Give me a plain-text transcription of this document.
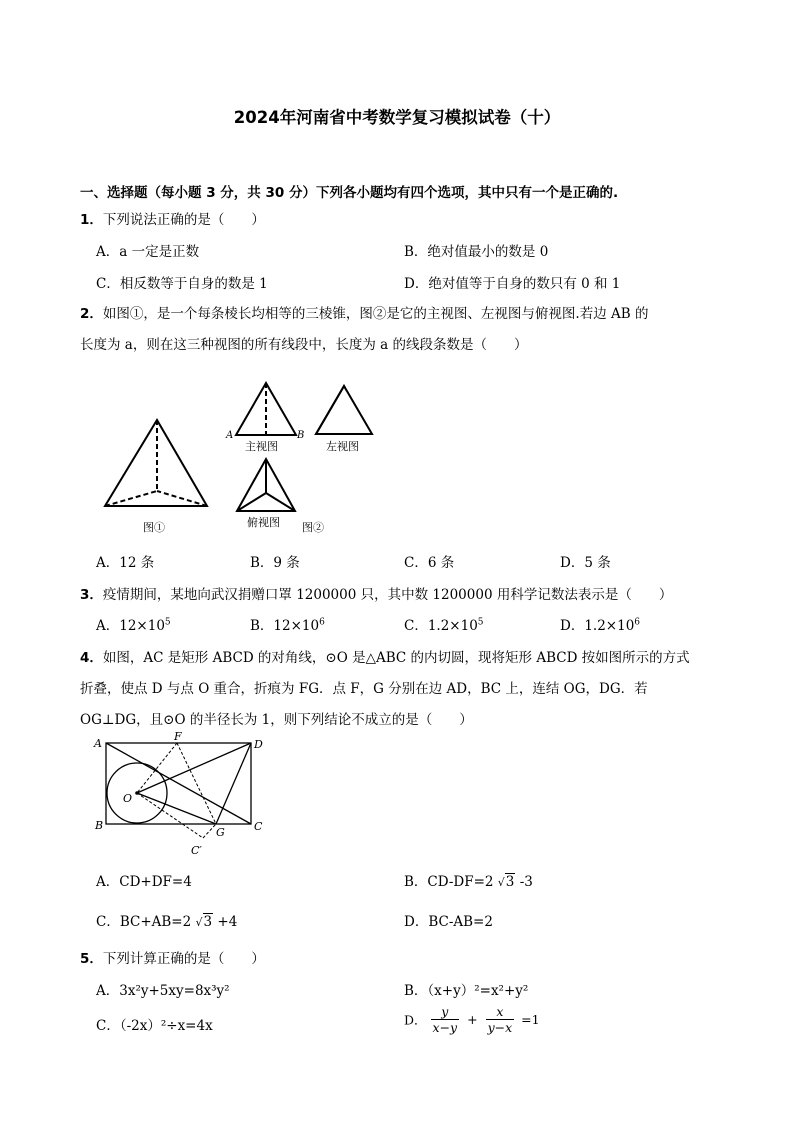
2024年河南省中考数学复习模拟试卷（十）
一、选择题（每小题 3 分，共 30 分）下列各小题均有四个选项，其中只有一个是正确的.
1．下列说法正确的是（　　）
A．a 一定是正数	B．绝对值最小的数是 0
C．相反数等于自身的数是 1	D．绝对值等于自身的数只有 0 和 1
2．如图①，是一个每条棱长均相等的三棱锥，图②是它的主视图、左视图与俯视图.若边 AB 的
长度为 a，则在这三种视图的所有线段中，长度为 a 的线段条数是（　　）
图①
A	B
主视图
俯视图
左视图
图②
A．12 条	B．9 条	C．6 条	D．5 条
3．疫情期间，某地向武汉捐赠口罩 1200000 只，其中数 1200000 用科学记数法表示是（　　）
A．$12\times 10^5$	B．$12\times 10^6$	C．$1.2\times 10^5$	D．$1.2\times 10^6$
4．如图，AC 是矩形 ABCD 的对角线，⊙O 是△ABC 的内切圆，现将矩形 ABCD 按如图所示的方式
折叠，使点 D 与点 O 重合，折痕为 FG．点 F，G 分别在边 AD，BC 上，连结 OG，DG．若
OG⊥DG，且⊙O 的半径长为 1，则下列结论不成立的是（　　）
A
B	C
D
F
G
O
C′
A．CD+DF=4	B．CD-DF=2 √3 -3
C．BC+AB=2 √3 +4	D．BC-AB=2
5．下列计算正确的是（　　）
A．3x²y+5xy=8x³y²	B．（x+y）²=x²+y²
C．（-2x）²÷x=4x	D． $\frac{y}{x-y} + \frac{x}{y-x} =1$
